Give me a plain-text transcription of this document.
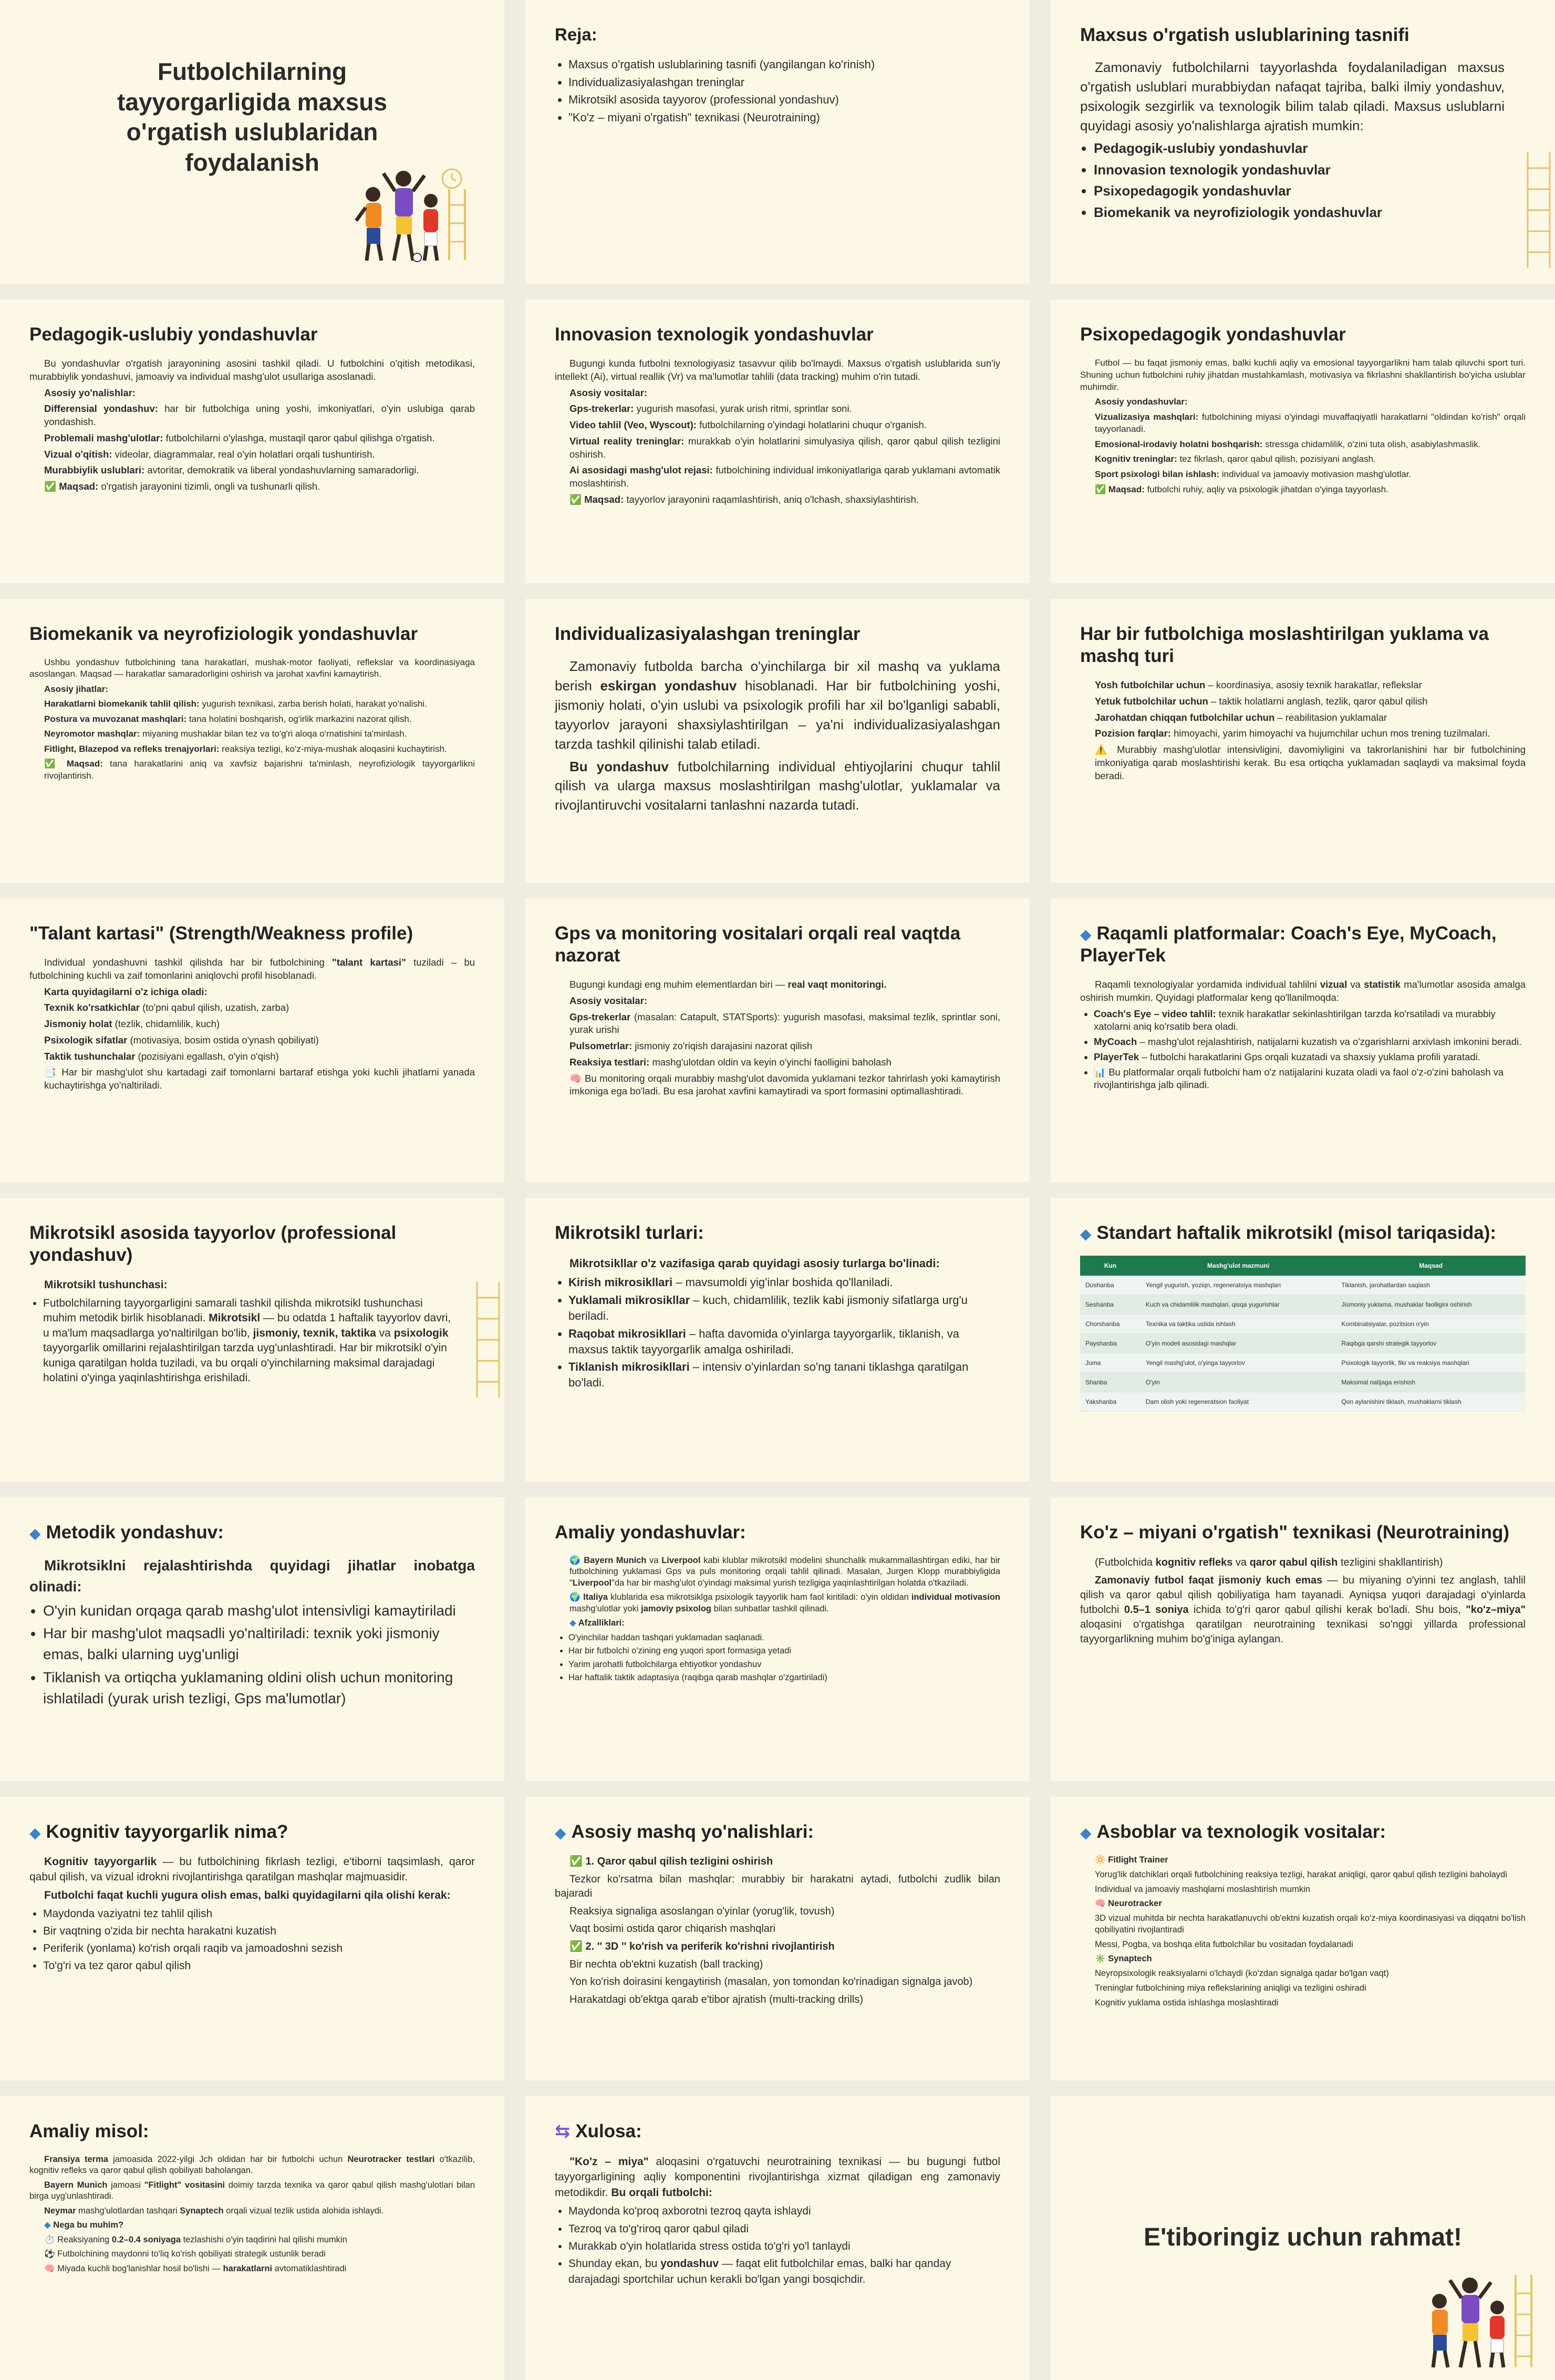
Futbolchilarning tayyorgarligida maxsus o'rgatish uslublaridan foydalanish
Reja:
• Maxsus o'rgatish uslublarining tasnifi (yangilangan ko'rinish)
• Individualizasiyalashgan treninglar
• Mikrotsikl asosida tayyorov (professional yondashuv)
• "Ko'z – miyani o'rgatish" texnikasi (Neurotraining)
Maxsus o'rgatish uslublarining tasnifi

Zamonaviy futbolchilarni tayyorlashda foydalaniladigan maxsus o'rgatish uslublari murabbiydan nafaqat tajriba, balki ilmiy yondashuv, psixologik sezgirlik va texnologik bilim talab qiladi. Maxsus uslublarni quyidagi asosiy yo'nalishlarga ajratish mumkin:

• Pedagogik-uslubiy yondashuvlar
• Innovasion texnologik yondashuvlar
• Psixopedagogik yondashuvlar
• Biomekanik va neyrofiziologik yondashuvlar
Pedagogik-uslubiy yondashuvlar

Bu yondashuvlar o'rgatish jarayonining asosini tashkil qiladi. U futbolchini o'qitish metodikasi, murabbiylik yondashuvi, jamoaviy va individual mashg'ulot usullariga asoslanadi.

Asosiy yo'nalishlar:

Differensial yondashuv: har bir futbolchiga uning yoshi, imkoniyatlari, o'yin uslubiga qarab yondashish.

Problemali mashg'ulotlar: futbolchilarni o'ylashga, mustaqil qaror qabul qilishga o'rgatish.

Vizual o'qitish: videolar, diagrammalar, real o'yin holatlari orqali tushuntirish.

Murabbiylik uslublari: avtoritar, demokratik va liberal yondashuvlarning samaradorligi.

✅ Maqsad: o'rgatish jarayonini tizimli, ongli va tushunarli qilish.

Innovasion texnologik yondashuvlar

Bugungi kunda futbolni texnologiyasiz tasavvur qilib bo'lmaydi. Maxsus o'rgatish uslublarida sun'iy intellekt (Ai), virtual reallik (Vr) va ma'lumotlar tahlili (data tracking) muhim o'rin tutadi.

Asosiy vositalar:

Gps-trekerlar: yugurish masofasi, yurak urish ritmi, sprintlar soni.

Video tahlil (Veo, Wyscout): futbolchilarning o'yindagi holatlarini chuqur o'rganish.

Virtual reality treninglar: murakkab o'yin holatlarini simulyasiya qilish, qaror qabul qilish tezligini oshirish.

Ai asosidagi mashg'ulot rejasi: futbolchining individual imkoniyatlariga qarab yuklamani avtomatik moslashtirish.

✅ Maqsad: tayyorlov jarayonini raqamlashtirish, aniq o'lchash, shaxsiylashtirish.

Psixopedagogik yondashuvlar

Futbol — bu faqat jismoniy emas, balki kuchli aqliy va emosional tayyorgarlikni ham talab qiluvchi sport turi. Shuning uchun futbolchini ruhiy jihatdan mustahkamlash, motivasiya va fikrlashni shakllantirish bo'yicha uslublar muhimdir.

Asosiy yondashuvlar:

Vizualizasiya mashqlari: futbolchining miyasi o'yindagi muvaffaqiyatli harakatlarni "oldindan ko'rish" orqali tayyorlanadi.

Emosional-irodaviy holatni boshqarish: stressga chidamlilik, o'zini tuta olish, asabiylashmaslik.

Kognitiv treninglar: tez fikrlash, qaror qabul qilish, pozisiyani anglash.

Sport psixologi bilan ishlash: individual va jamoaviy motivasion mashg'ulotlar.

✅ Maqsad: futbolchi ruhiy, aqliy va psixologik jihatdan o'yinga tayyorlash.

Biomekanik va neyrofiziologik yondashuvlar

Ushbu yondashuv futbolchining tana harakatlari, mushak-motor faoliyati, reflekslar va koordinasiyaga asoslangan. Maqsad — harakatlar samaradorligini oshirish va jarohat xavfini kamaytirish.

Asosiy jihatlar:

Harakatlarni biomekanik tahlil qilish: yugurish texnikasi, zarba berish holati, harakat yo'nalishi.

Postura va muvozanat mashqlari: tana holatini boshqarish, og'irlik markazini nazorat qilish.

Neyromotor mashqlar: miyaning mushaklar bilan tez va to'g'ri aloqa o'rnatishini ta'minlash.

Fitlight, Blazepod va refleks trenajyorlari: reaksiya tezligi, ko'z-miya-mushak aloqasini kuchaytirish.

✅ Maqsad: tana harakatlarini aniq va xavfsiz bajarishni ta'minlash, neyrofiziologik tayyorgarlikni rivojlantirish.

Individualizasiyalashgan treninglar

Zamonaviy futbolda barcha o'yinchilarga bir xil mashq va yuklama berish eskirgan yondashuv hisoblanadi. Har bir futbolchining yoshi, jismoniy holati, o'yin uslubi va psixologik profili har xil bo'lganligi sababli, tayyorlov jarayoni shaxsiylashtirilgan – ya'ni individualizasiyalashgan tarzda tashkil qilinishi talab etiladi.

Bu yondashuv futbolchilarning individual ehtiyojlarini chuqur tahlil qilish va ularga maxsus moslashtirilgan mashg'ulotlar, yuklamalar va rivojlantiruvchi vositalarni tanlashni nazarda tutadi.

Har bir futbolchiga moslashtirilgan yuklama va mashq turi

Yosh futbolchilar uchun – koordinasiya, asosiy texnik harakatlar, reflekslar

Yetuk futbolchilar uchun – taktik holatlarni anglash, tezlik, qaror qabul qilish

Jarohatdan chiqqan futbolchilar uchun – reabilitasion yuklamalar

Pozision farqlar: himoyachi, yarim himoyachi va hujumchilar uchun mos trening tuzilmalari.

⚠️ Murabbiy mashg'ulotlar intensivligini, davomiyligini va takrorlanishini har bir futbolchining imkoniyatiga qarab moslashtirishi kerak. Bu esa ortiqcha yuklamadan saqlaydi va maksimal foyda beradi.

"Talant kartasi" (Strength/Weakness profile)

Individual yondashuvni tashkil qilishda har bir futbolchining "talant kartasi" tuziladi – bu futbolchining kuchli va zaif tomonlarini aniqlovchi profil hisoblanadi.

Karta quyidagilarni o'z ichiga oladi:

Texnik ko'rsatkichlar (to'pni qabul qilish, uzatish, zarba)

Jismoniy holat (tezlik, chidamlilik, kuch)

Psixologik sifatlar (motivasiya, bosim ostida o'ynash qobiliyati)

Taktik tushunchalar (pozisiyani egallash, o'yin o'qish)

📑 Har bir mashg'ulot shu kartadagi zaif tomonlarni bartaraf etishga yoki kuchli jihatlarni yanada kuchaytirishga yo'naltiriladi.

Gps va monitoring vositalari orqali real vaqtda nazorat

Bugungi kundagi eng muhim elementlardan biri — real vaqt monitoringi.

Asosiy vositalar:

Gps-trekerlar (masalan: Catapult, STATSports): yugurish masofasi, maksimal tezlik, sprintlar soni, yurak urishi

Pulsometrlar: jismoniy zo'riqish darajasini nazorat qilish

Reaksiya testlari: mashg'ulotdan oldin va keyin o'yinchi faolligini baholash

🧠 Bu monitoring orqali murabbiy mashg'ulot davomida yuklamani tezkor tahrirlash yoki kamaytirish imkoniga ega bo'ladi. Bu esa jarohat xavfini kamaytiradi va sport formasini optimallashtiradi.

◆ Raqamli platformalar: Coach's Eye, MyCoach, PlayerTek

Raqamli texnologiyalar yordamida individual tahlilni vizual va statistik ma'lumotlar asosida amalga oshirish mumkin. Quyidagi platformalar keng qo'llanilmoqda:

• Coach's Eye – video tahlil: texnik harakatlar sekinlashtirilgan tarzda ko'rsatiladi va murabbiy xatolarni aniq ko'rsatib bera oladi.
• MyCoach – mashg'ulot rejalashtirish, natijalarni kuzatish va o'zgarishlarni arxivlash imkonini beradi.
• PlayerTek – futbolchi harakatlarini Gps orqali kuzatadi va shaxsiy yuklama profili yaratadi.
• 📊 Bu platformalar orqali futbolchi ham o'z natijalarini kuzata oladi va faol o'z-o'zini baholash va rivojlantirishga jalb qilinadi.
Mikrotsikl asosida tayyorlov (professional yondashuv)

Mikrotsikl tushunchasi:

• Futbolchilarning tayyorgarligini samarali tashkil qilishda mikrotsikl tushunchasi muhim metodik birlik hisoblanadi. Mikrotsikl — bu odatda 1 haftalik tayyorlov davri, u ma'lum maqsadlarga yo'naltirilgan bo'lib, jismoniy, texnik, taktika va psixologik tayyorgarlik omillarini rejalashtirilgan tarzda uyg'unlashtiradi. Har bir mikrotsikl o'yin kuniga qaratilgan holda tuziladi, va bu orqali o'yinchilarning maksimal darajadagi holatini o'yinga yaqinlashtirishga erishiladi.
Mikrotsikl turlari:

Mikrotsikllar o'z vazifasiga qarab quyidagi asosiy turlarga bo'linadi:

• Kirish mikrosikllari – mavsumoldi yig'inlar boshida qo'llaniladi.
• Yuklamali mikrosikllar – kuch, chidamlilik, tezlik kabi jismoniy sifatlarga urg'u beriladi.
• Raqobat mikrosikllari – hafta davomida o'yinlarga tayyorgarlik, tiklanish, va maxsus taktik tayyorgarlik amalga oshiriladi.
• Tiklanish mikrosikllari – intensiv o'yinlardan so'ng tanani tiklashga qaratilgan bo'ladi.
◆ Standart haftalik mikrotsikl (misol tariqasida):
Kun	Mashg'ulot mazmuni	Maqsad
Dushanba	Yengil yugurish, yoziqn, regeneratsiya mashqlari	Tiklanish, jarohatlardan saqlash
Seshanba	Kuch va chidamlilik mashqlari, qisqa yugurishlar	Jismoniy yuklama, mushaklar faolligini oshirish
Chorshanba	Texnika va taktika ustida ishlash	Kombinatsiyalar, pozitsion o'yin
Payshanba	O'yin modeli asosidagi mashqlar	Raqibga qarshi strategik tayyorlov
Juma	Yengil mashg'ulot, o'yinga tayyorlov	Psixologik tayyorlik, fikr va reaksiya mashqlari
Shanba	O'yin	Maksimal natijaga erishish
Yakshanba	Dam olish yoki regeneratsion faoliyat	Qon aylanishini tiklash, mushaklarni tiklash
◆ Metodik yondashuv:

Mikrotsiklni rejalashtirishda quyidagi jihatlar inobatga olinadi:

• O'yin kunidan orqaga qarab mashg'ulot intensivligi kamaytiriladi
• Har bir mashg'ulot maqsadli yo'naltiriladi: texnik yoki jismoniy emas, balki ularning uyg'unligi
• Tiklanish va ortiqcha yuklamaning oldini olish uchun monitoring ishlatiladi (yurak urish tezligi, Gps ma'lumotlar)
Amaliy yondashuvlar:

🌍 Bayern Munich va Liverpool kabi klublar mikrotsikl modelini shunchalik mukammallashtirgan ediki, har bir futbolchining yuklamasi Gps va puls monitoring orqali tahlil qilinadi. Masalan, Jurgen Klopp murabbiyligida "Liverpool"da har bir mashg'ulot o'yindagi maksimal yurish tezligiga yaqinlashtirilgan holatda o'tkaziladi.

🌍 Italiya klublarida esa mikrotsiklga psixologik tayyorlik ham faol kiritiladi: o'yin oldidan individual motivasion mashg'ulotlar yoki jamoviy psixolog bilan suhbatlar tashkil qilinadi.

◆ Afzalliklari:

• O'yinchilar haddan tashqari yuklamadan saqlanadi.
• Har bir futbolchi o'zining eng yuqori sport formasiga yetadi
• Yarim jarohatli futbolchilarga ehtiyotkor yondashuv
• Har haftalik taktik adaptasiya (raqibga qarab mashqlar o'zgartiriladi)
Ko'z – miyani o'rgatish" texnikasi (Neurotraining)

(Futbolchida kognitiv refleks va qaror qabul qilish tezligini shakllantirish)

Zamonaviy futbol faqat jismoniy kuch emas — bu miyaning o'yinni tez anglash, tahlil qilish va qaror qabul qilish qobiliyatiga ham tayanadi. Ayniqsa yuqori darajadagi o'yinlarda futbolchi 0.5–1 soniya ichida to'g'ri qaror qabul qilishi kerak bo'ladi. Shu bois, "ko'z–miya" aloqasini o'rgatishga qaratilgan neurotraining texnikasi so'nggi yillarda professional tayyorgarlikning muhim bo'g'iniga aylangan.

◆ Kognitiv tayyorgarlik nima?

Kognitiv tayyorgarlik — bu futbolchining fikrlash tezligi, e'tiborni taqsimlash, qaror qabul qilish, va vizual idrokni rivojlantirishga qaratilgan mashqlar majmuasidir.

Futbolchi faqat kuchli yugura olish emas, balki quyidagilarni qila olishi kerak:

• Maydonda vaziyatni tez tahlil qilish
• Bir vaqtning o'zida bir nechta harakatni kuzatish
• Periferik (yonlama) ko'rish orqali raqib va jamoadoshni sezish
• To'g'ri va tez qaror qabul qilish
◆ Asosiy mashq yo'nalishlari:

✅ 1. Qaror qabul qilish tezligini oshirish

Tezkor ko'rsatma bilan mashqlar: murabbiy bir harakatni aytadi, futbolchi zudlik bilan bajaradi

Reaksiya signaliga asoslangan o'yinlar (yorug'lik, tovush)

Vaqt bosimi ostida qaror chiqarish mashqlari

✅ 2. '' 3D '' ko'rish va periferik ko'rishni rivojlantirish

Bir nechta ob'ektni kuzatish (ball tracking)

Yon ko'rish doirasini kengaytirish (masalan, yon tomondan ko'rinadigan signalga javob)

Harakatdagi ob'ektga qarab e'tibor ajratish (multi-tracking drills)

◆ Asboblar va texnologik vositalar:

🔆 Fitlight Trainer

Yorug'lik datchiklari orqali futbolchining reaksiya tezligi, harakat aniqligi, qaror qabul qilish tezligini baholaydi

Individual va jamoaviy mashqlarni moslashtirish mumkin

🧠 Neurotracker

3D vizual muhitda bir nechta harakatlanuvchi ob'ektni kuzatish orqali ko'z-miya koordinasiyasi va diqqatni bo'lish qobiliyatini rivojlantiradi

Messi, Pogba, va boshqa elita futbolchilar bu vositadan foydalanadi

✳️ Synaptech

Neyropsixologik reaksiyalarni o'lchaydi (ko'zdan signalga qadar bo'lgan vaqt)

Treninglar futbolchining miya reflekslarining aniqligi va tezligini oshiradi

Kognitiv yuklama ostida ishlashga moslashtiradi

Amaliy misol:

Fransiya terma jamoasida 2022-yilgi Jch oldidan har bir futbolchi uchun Neurotracker testlari o'tkazilib, kognitiv refleks va qaror qabul qilish qobiliyati baholangan.

Bayern Munich jamoasi "Fitlight" vositasini doimiy tarzda texnika va qaror qabul qilish mashg'ulotlari bilan birga uyg'unlashtiradi.

Neymar mashg'ulotlardan tashqari Synaptech orqali vizual tezlik ustida alohida ishlaydi.

◆ Nega bu muhim?

⏱️ Reaksiyaning 0.2–0.4 soniyaga tezlashishi o'yin taqdirini hal qilishi mumkin

⚽ Futbolchining maydonni to'liq ko'rish qobiliyati strategik ustunlik beradi

🧠 Miyada kuchli bog'lanishlar hosil bo'lishi — harakatlarni avtomatiklashtiradi

⇆ Xulosa:

"Ko'z – miya" aloqasini o'rgatuvchi neurotraining texnikasi — bu bugungi futbol tayyorgarligining aqliy komponentini rivojlantirishga xizmat qiladigan eng zamonaviy metodikdir. Bu orqali futbolchi:

• Maydonda ko'proq axborotni tezroq qayta ishlaydi
• Tezroq va to'g'riroq qaror qabul qiladi
• Murakkab o'yin holatlarida stress ostida to'g'ri yo'l tanlaydi
• Shunday ekan, bu yondashuv — faqat elit futbolchilar emas, balki har qanday darajadagi sportchilar uchun kerakli bo'lgan yangi bosqichdir.
E'tiboringiz uchun rahmat!
